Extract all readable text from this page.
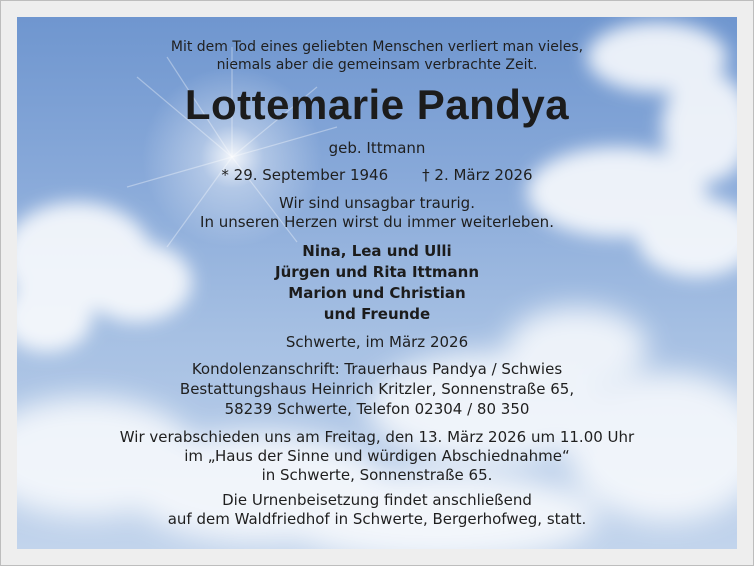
Mit dem Tod eines geliebten Menschen verliert man vieles,
niemals aber die gemeinsam verbrachte Zeit.
Lottemarie Pandya
geb. Ittmann
* 29. September 1946 † 2. März 2026
Wir sind unsagbar traurig.
In unseren Herzen wirst du immer weiterleben.
Nina, Lea und Ulli
Jürgen und Rita Ittmann
Marion und Christian
und Freunde
Schwerte, im März 2026
Kondolenzanschrift: Trauerhaus Pandya / Schwies
Bestattungshaus Heinrich Kritzler, Sonnenstraße 65,
58239 Schwerte, Telefon 02304 / 80 350
Wir verabschieden uns am Freitag, den 13. März 2026 um 11.00 Uhr
im „Haus der Sinne und würdigen Abschiednahme“
in Schwerte, Sonnenstraße 65.
Die Urnenbeisetzung findet anschließend
auf dem Waldfriedhof in Schwerte, Bergerhofweg, statt.
